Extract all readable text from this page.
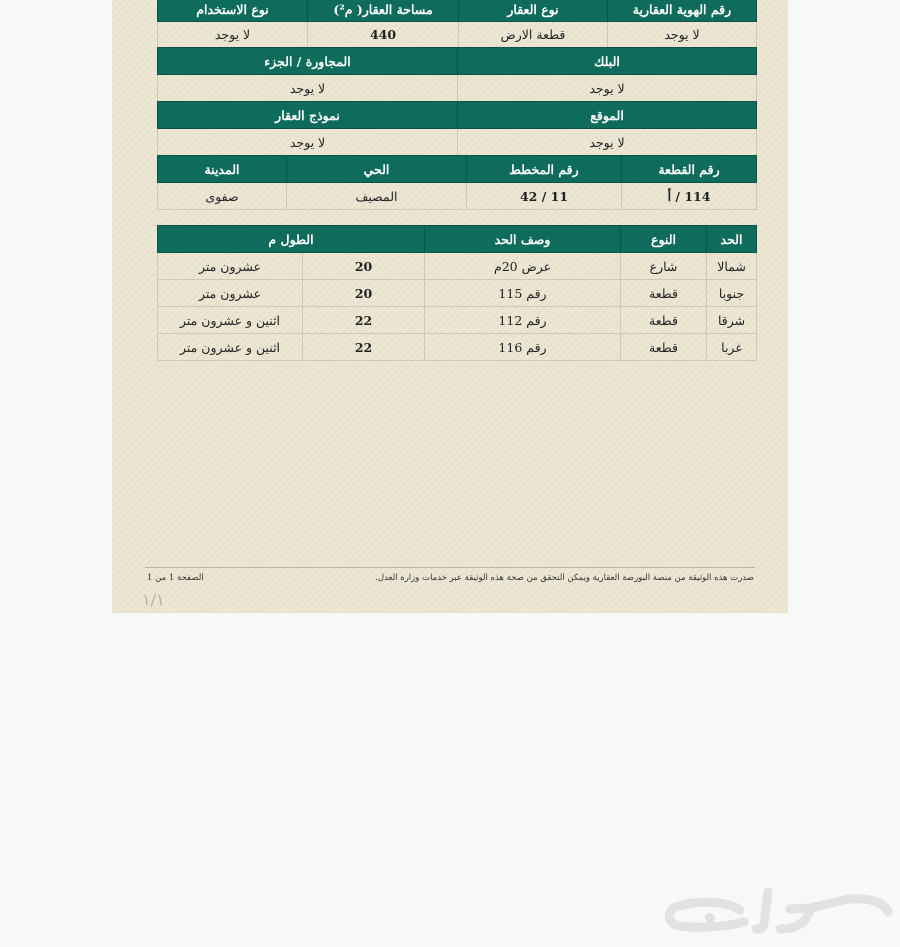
رقم الهوية العقارية	نوع العقار	مساحة العقار( م²)	نوع الاستخدام
لا يوجد	قطعة الارض	440	لا يوجد
البلك	المجاورة / الجزء
لا يوجد	لا يوجد
الموقع	نموذج العقار
لا يوجد	لا يوجد
رقم القطعة	رقم المخطط	الحي	المدينة
114 / أ	11 / 42	المصيف	صفوى
الحد	النوع	وصف الحد	الطول م	
شمالا	شارع	عرض 20م	20	عشرون متر
جنوبا	قطعة	رقم 115	20	عشرون متر
شرقا	قطعة	رقم 112	22	اثنين و عشرون متر
غربا	قطعة	رقم 116	22	اثنين و عشرون متر
صدرت هذه الوثيقة من منصة البورصة العقارية ويمكن التحقق من صحة هذه الوثيقة عبر خدمات وزارة العدل.
الصفحة 1 من 1
١/١
